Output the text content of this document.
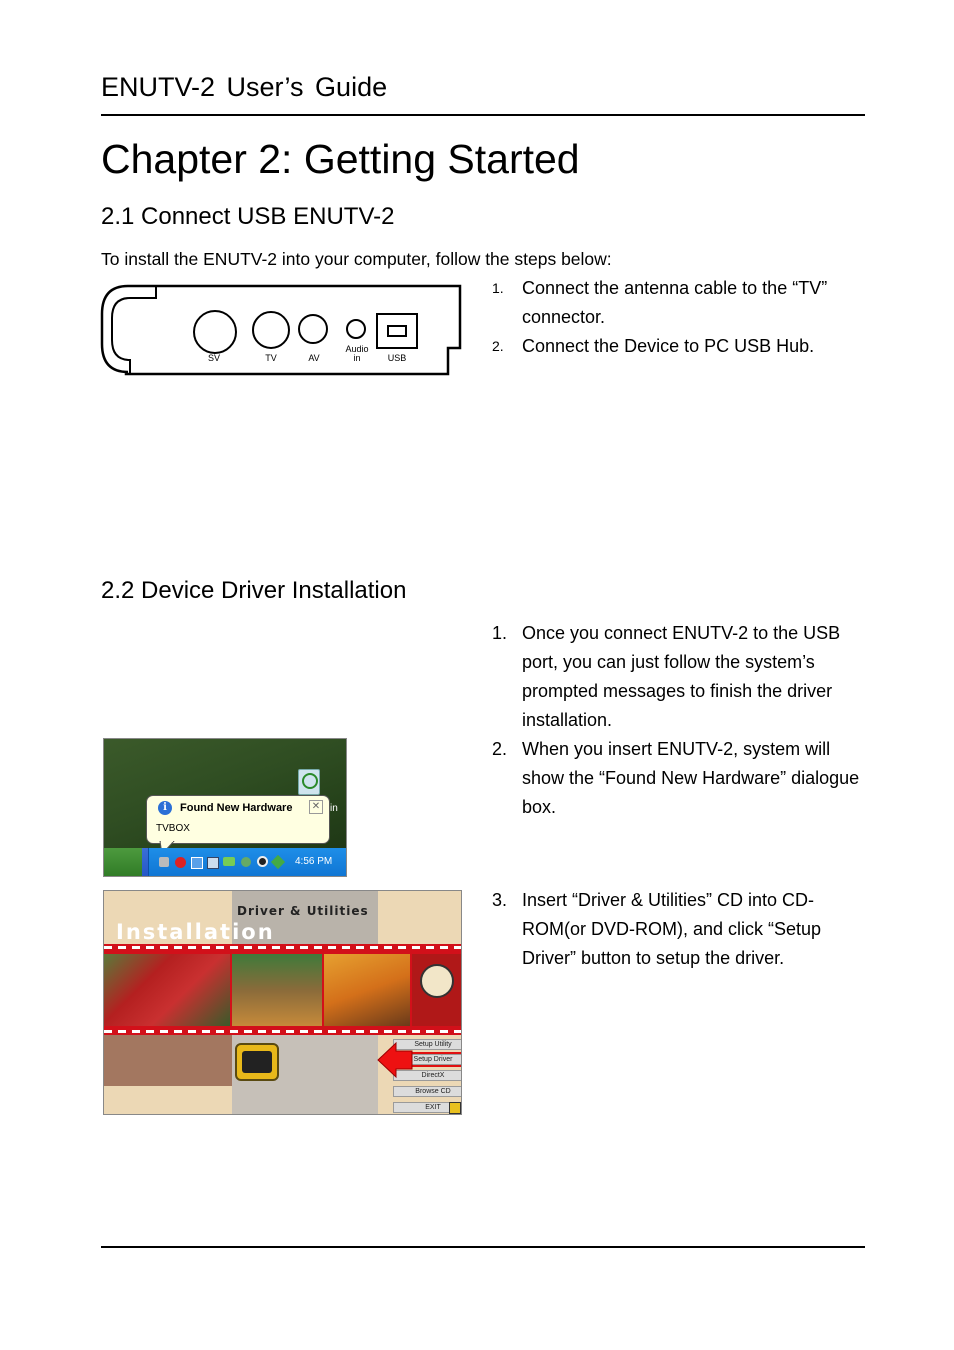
ENUTV-2 User’s Guide
Chapter 2: Getting Started
2.1 Connect USB ENUTV-2
To install the ENUTV-2 into your computer, follow the steps below:
SV	TV	AV
Audio in	USB
1. Connect the antenna cable to the “TV” connector.
2. Connect the Device to PC USB Hub.
2.2 Device Driver Installation
1. Once you connect ENUTV-2 to the USB port, you can just follow the system’s prompted messages to finish the driver installation.
2. When you insert ENUTV-2, system will show the “Found New Hardware” dialogue box.
3. Insert “Driver & Utilities” CD into CD-ROM(or DVD-ROM), and click “Setup Driver” button to setup the driver.
in
i	Found New Hardware ✕
TVBOX
4:56 PM
Driver & Utilities
Installation
Setup Utility
Setup Driver
DirectX
Browse CD
EXIT
